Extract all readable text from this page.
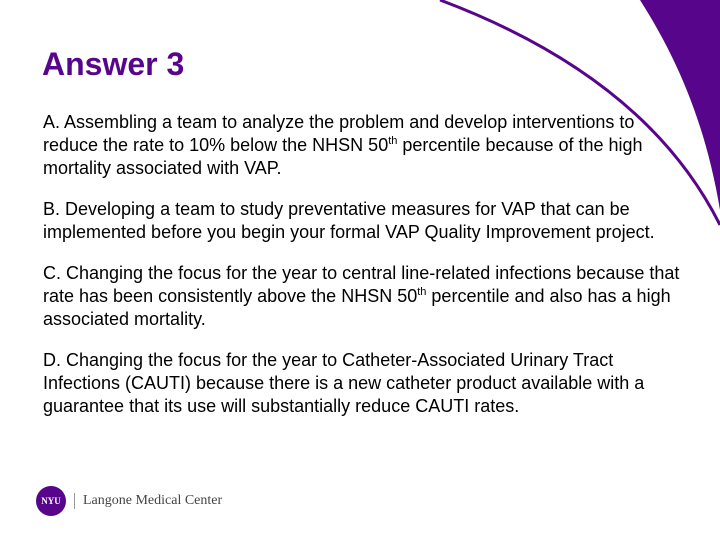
Answer 3

A. Assembling a team to analyze the problem and develop interventions to reduce the rate to 10% below the NHSN 50th percentile because of the high mortality associated with VAP.

B. Developing a team to study preventative measures for VAP that can be implemented before you begin your formal VAP Quality Improvement project.

C. Changing the focus for the year to central line-related infections because that rate has been consistently above the NHSN 50th percentile and also has a high associated mortality.

D. Changing the focus for the year to Catheter-Associated Urinary Tract Infections (CAUTI) because there is a new catheter product available with a guarantee that its use will substantially reduce CAUTI rates.

NYU	Langone Medical Center
